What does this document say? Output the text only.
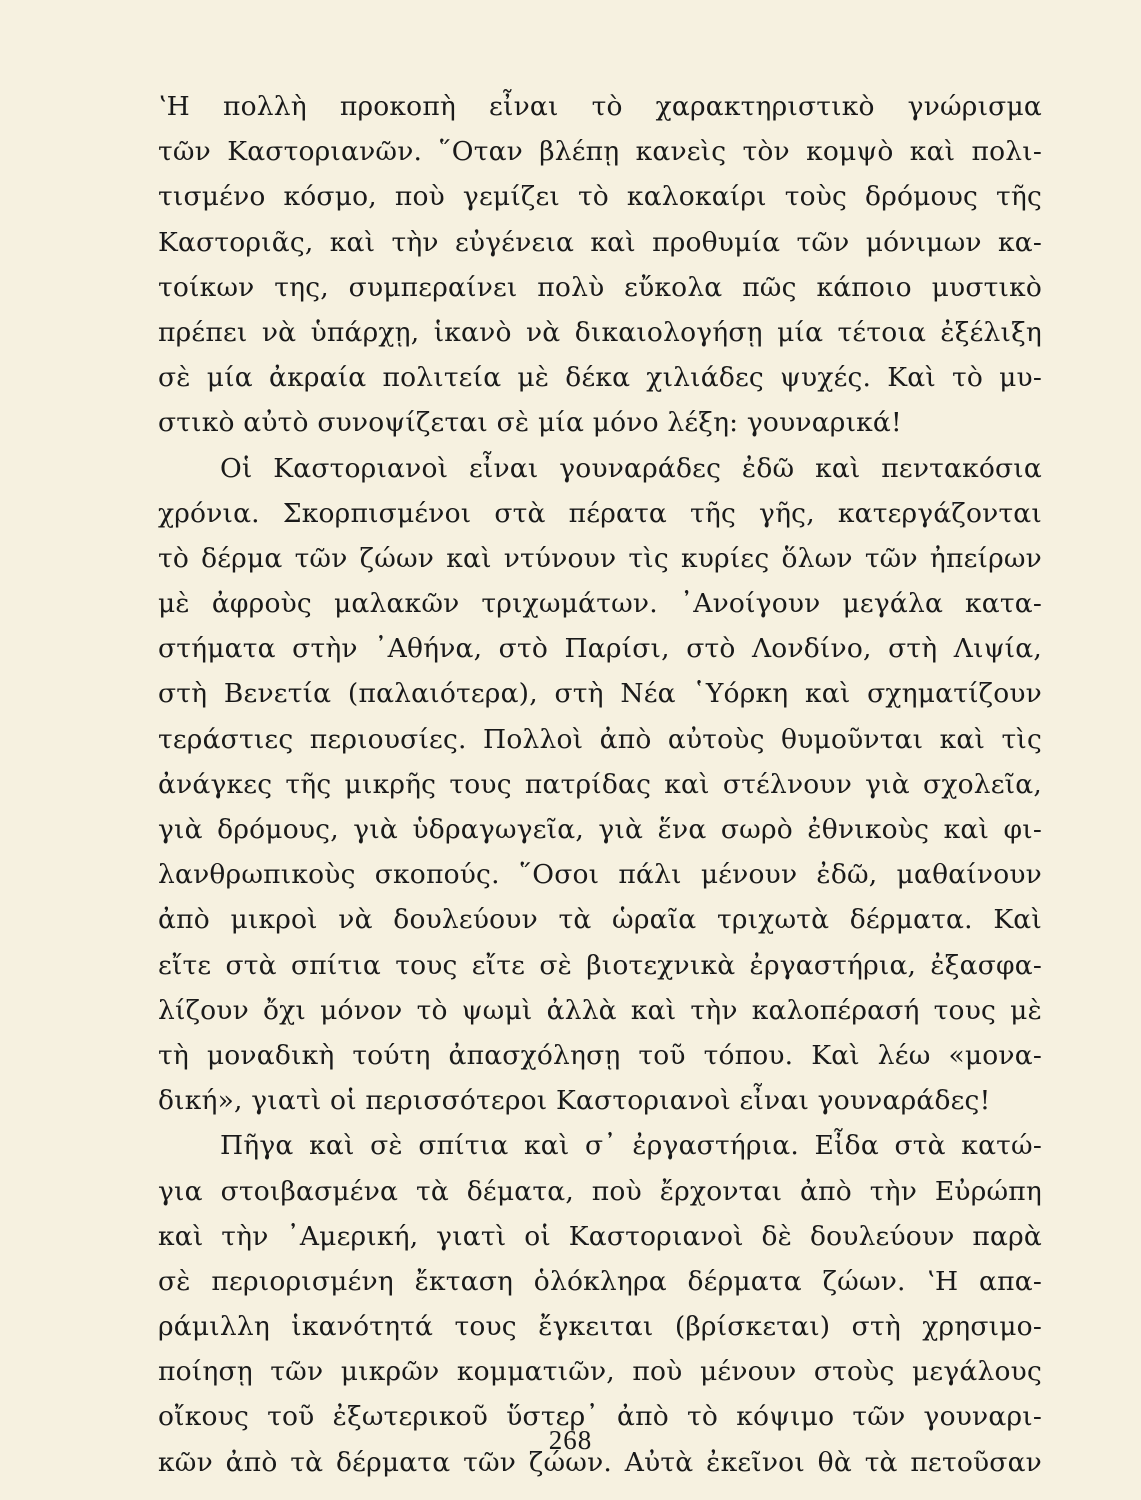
ʽΗ πολλὴ προκοπὴ εἶναι τὸ χαρακτηριστικὸ γνώρισμα
τῶν Καστοριανῶν. ῞Οταν βλέπῃ κανεὶς τὸν κομψὸ καὶ πολι-
τισμένο κόσμο, ποὺ γεμίζει τὸ καλοκαίρι τοὺς δρόμους τῆς
Καστοριᾶς, καὶ τὴν εὐγένεια καὶ προθυμία τῶν μόνιμων κα-
τοίκων της, συμπεραίνει πολὺ εὔκολα πῶς κάποιο μυστικὸ
πρέπει νὰ ὑπάρχῃ, ἱκανὸ νὰ δικαιολογήσῃ μία τέτοια ἐξέλιξη
σὲ μία ἀκραία πολιτεία μὲ δέκα χιλιάδες ψυχές. Καὶ τὸ μυ-
στικὸ αὐτὸ συνοψίζεται σὲ μία μόνο λέξη: γουναρικά!
Οἱ Καστοριανοὶ εἶναι γουναράδες ἐδῶ καὶ πεντακόσια
χρόνια. Σκορπισμένοι στὰ πέρατα τῆς γῆς, κατεργάζονται
τὸ δέρμα τῶν ζώων καὶ ντύνουν τὶς κυρίες ὅλων τῶν ἠπείρων
μὲ ἀφροὺς μαλακῶν τριχωμάτων. ᾿Ανοίγουν μεγάλα κατα-
στήματα στὴν ᾿Αθήνα, στὸ Παρίσι, στὸ Λονδίνο, στὴ Λιψία,
στὴ Βενετία (παλαιότερα), στὴ Νέα ῾Υόρκη καὶ σχηματίζουν
τεράστιες περιουσίες. Πολλοὶ ἀπὸ αὐτοὺς θυμοῦνται καὶ τὶς
ἀνάγκες τῆς μικρῆς τους πατρίδας καὶ στέλνουν γιὰ σχολεῖα,
γιὰ δρόμους, γιὰ ὑδραγωγεῖα, γιὰ ἕνα σωρὸ ἐθνικοὺς καὶ φι-
λανθρωπικοὺς σκοπούς. ῞Οσοι πάλι μένουν ἐδῶ, μαθαίνουν
ἀπὸ μικροὶ νὰ δουλεύουν τὰ ὡραῖα τριχωτὰ δέρματα. Καὶ
εἴτε στὰ σπίτια τους εἴτε σὲ βιοτεχνικὰ ἐργαστήρια, ἐξασφα-
λίζουν ὄχι μόνον τὸ ψωμὶ ἀλλὰ καὶ τὴν καλοπέρασή τους μὲ
τὴ μοναδικὴ τούτη ἀπασχόλησῃ τοῦ τόπου. Καὶ λέω «μονα-
δική», γιατὶ οἱ περισσότεροι Καστοριανοὶ εἶναι γουναράδες!
Πῆγα καὶ σὲ σπίτια καὶ σ᾿ ἐργαστήρια. Εἶδα στὰ κατώ-
για στοιβασμένα τὰ δέματα, ποὺ ἔρχονται ἀπὸ τὴν Εὐρώπη
καὶ τὴν ᾿Αμερική, γιατὶ οἱ Καστοριανοὶ δὲ δουλεύουν παρὰ
σὲ περιορισμένη ἔκταση ὁλόκληρα δέρματα ζώων. ʽΗ απα-
ράμιλλη ἱκανότητά τους ἔγκειται (βρίσκεται) στὴ χρησιμο-
ποίησῃ τῶν μικρῶν κομματιῶν, ποὺ μένουν στοὺς μεγάλους
οἴκους τοῦ ἐξωτερικοῦ ὕστερ᾿ ἀπὸ τὸ κόψιμο τῶν γουναρι-
κῶν ἀπὸ τὰ δέρματα τῶν ζώων. Αὐτὰ ἐκεῖνοι θὰ τὰ πετοῦσαν
268
